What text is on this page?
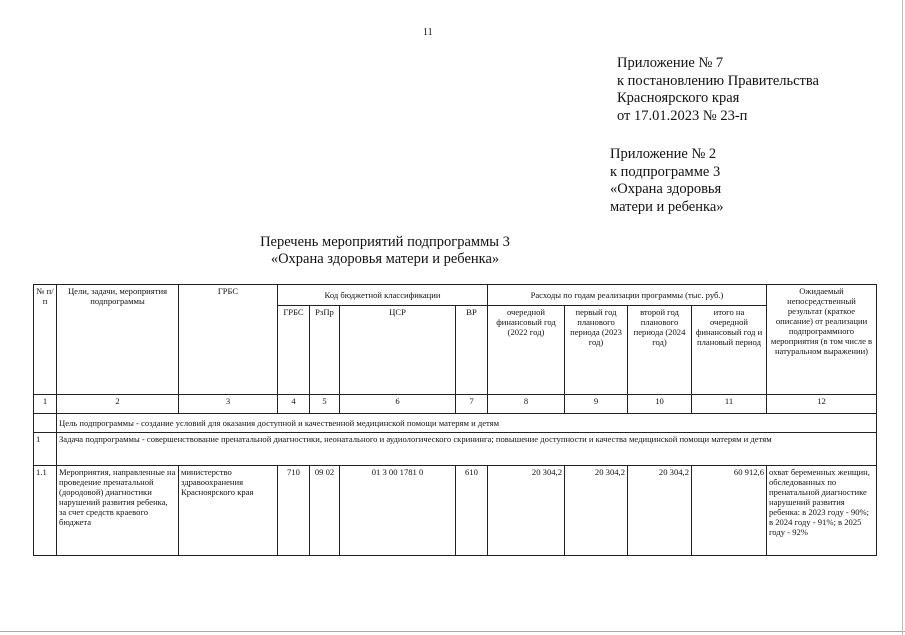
11
Приложение № 7
к постановлению Правительства
Красноярского края
от 17.01.2023 № 23-п
Приложение № 2
к подпрограмме 3
«Охрана здоровья
матери и ребенка»
Перечень мероприятий подпрограммы 3
«Охрана здоровья матери и ребенка»
№ п/п	Цели, задачи, мероприятия подпрограммы	ГРБС	Код бюджетной классификации				Расходы по годам реализации программы (тыс. руб.)				Ожидаемый непосредственный результат (краткое описание) от реализации подпрограммного мероприятия (в том числе в натуральном выражении)
			ГРБС	РзПр	ЦСР	ВР	очередной финансовый год (2022 год)	первый год планового периода (2023 год)	второй год планового периода (2024 год)	итого на очередной финансовый год и плановый период	
1	2	3	4	5	6	7	8	9	10	11	12
	Цель подпрограммы - создание условий для оказания доступной и качественной медицинской помощи матерям и детям										
1	Задача подпрограммы - совершенствование пренатальной диагностики, неонатального и аудиологического скрининга; повышение доступности и качества медицинской помощи матерям и детям										
1.1	Мероприятия, направленные на проведение пренатальной (дородовой) диагностики нарушений развития ребенка, за счет средств краевого бюджета	министерство здравоохранения Красноярского края	710	09 02	01 3 00 1781 0	610	20 304,2	20 304,2	20 304,2	60 912,6	охват беременных женщин, обследованных по пренатальной диагностике нарушений развития ребенка: в 2023 году - 90%; в 2024 году - 91%; в 2025 году - 92%
